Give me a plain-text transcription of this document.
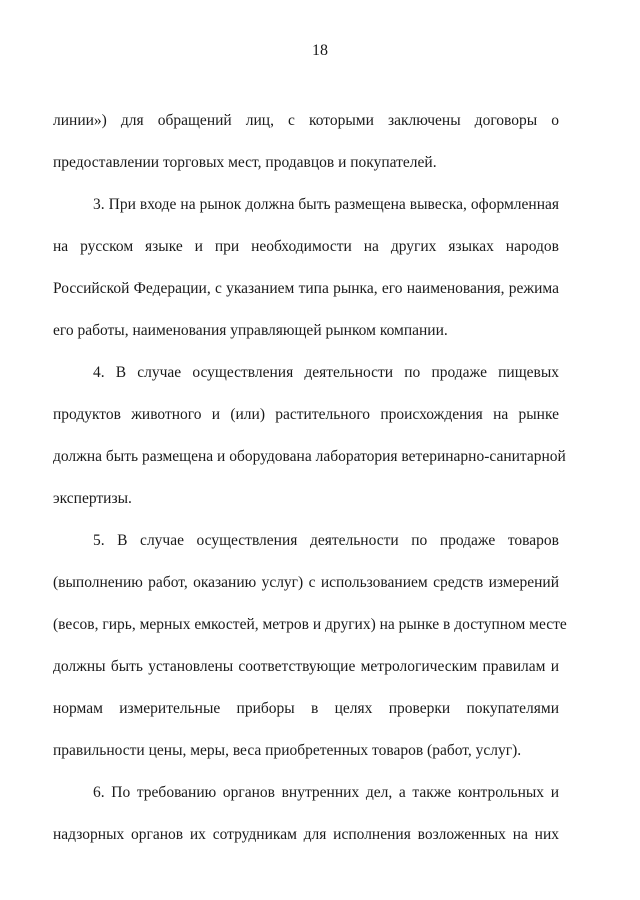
18
линии») для обращений лиц, с которыми заключены договоры о
предоставлении торговых мест, продавцов и покупателей.
3. При входе на рынок должна быть размещена вывеска, оформленная
на русском языке и при необходимости на других языках народов
Российской Федерации, с указанием типа рынка, его наименования, режима
его работы, наименования управляющей рынком компании.
4. В случае осуществления деятельности по продаже пищевых
продуктов животного и (или) растительного происхождения на рынке
должна быть размещена и оборудована лаборатория ветеринарно-санитарной
экспертизы.
5. В случае осуществления деятельности по продаже товаров
(выполнению работ, оказанию услуг) с использованием средств измерений
(весов, гирь, мерных емкостей, метров и других) на рынке в доступном месте
должны быть установлены соответствующие метрологическим правилам и
нормам измерительные приборы в целях проверки покупателями
правильности цены, меры, веса приобретенных товаров (работ, услуг).
6. По требованию органов внутренних дел, а также контрольных и
надзорных органов их сотрудникам для исполнения возложенных на них
